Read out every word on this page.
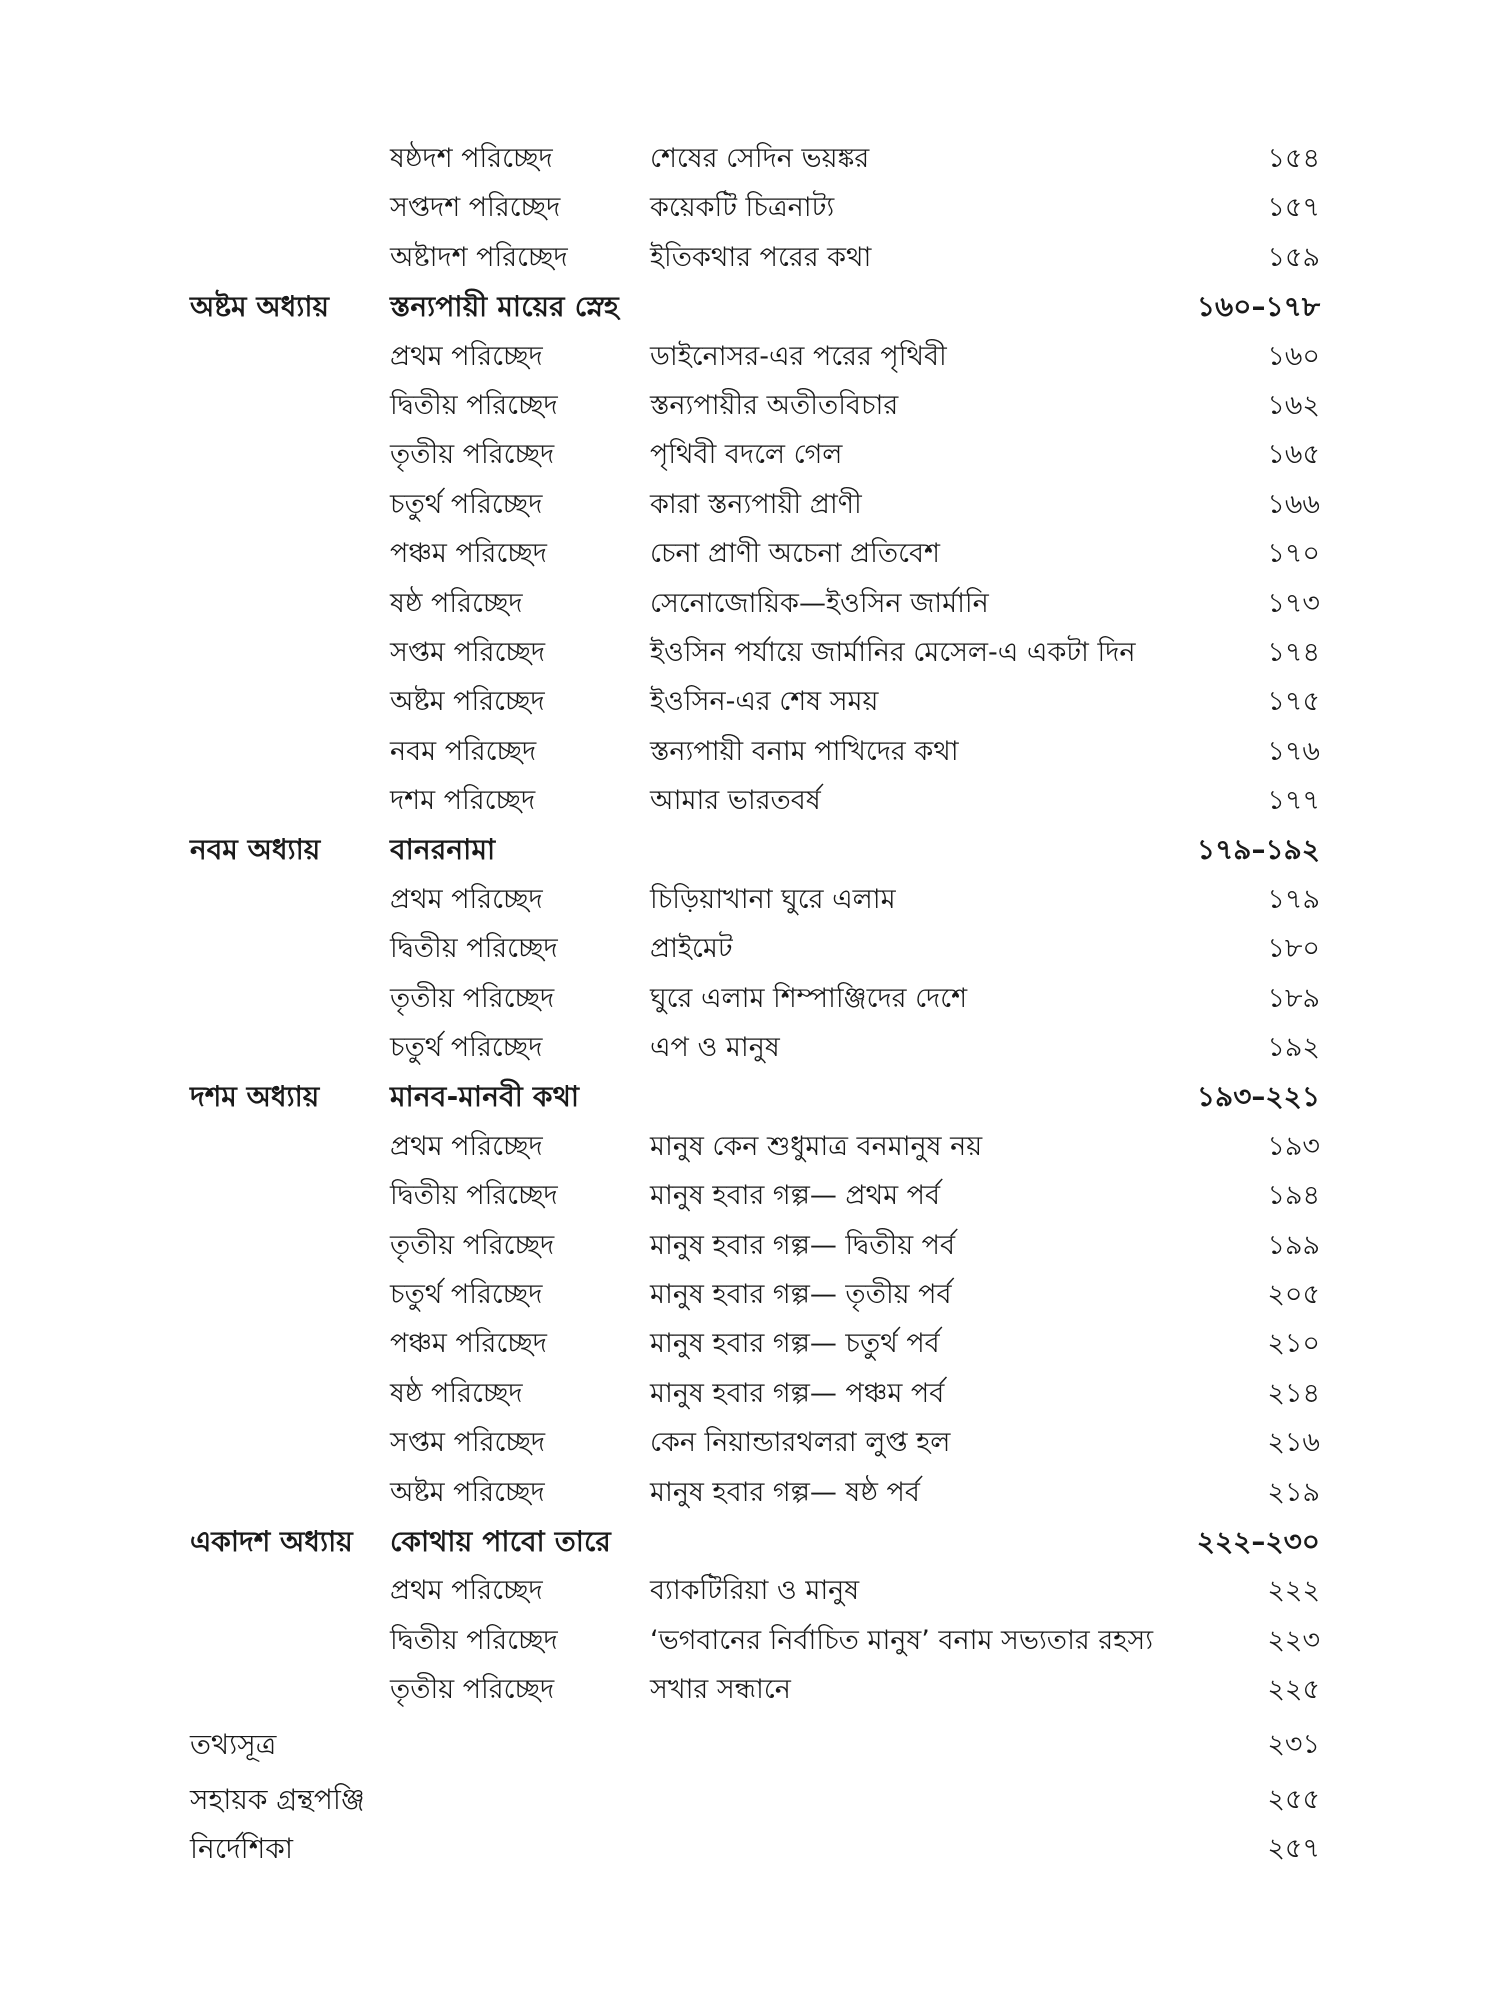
ষষ্ঠদশ পরিচ্ছেদ	শেষের সেদিন ভয়ঙ্কর	১৫৪
সপ্তদশ পরিচ্ছেদ	কয়েকটি চিত্রনাট্য	১৫৭
অষ্টাদশ পরিচ্ছেদ	ইতিকথার পরের কথা	১৫৯
অষ্টম অধ্যায় স্তন্যপায়ী মায়ের স্নেহ	১৬০–১৭৮
প্রথম পরিচ্ছেদ	ডাইনোসর-এর পরের পৃথিবী	১৬০
দ্বিতীয় পরিচ্ছেদ	স্তন্যপায়ীর অতীতবিচার	১৬২
তৃতীয় পরিচ্ছেদ	পৃথিবী বদলে গেল	১৬৫
চতুর্থ পরিচ্ছেদ	কারা স্তন্যপায়ী প্রাণী	১৬৬
পঞ্চম পরিচ্ছেদ	চেনা প্রাণী অচেনা প্রতিবেশ	১৭০
ষষ্ঠ পরিচ্ছেদ	সেনোজোয়িক—ইওসিন জার্মানি	১৭৩
সপ্তম পরিচ্ছেদ	ইওসিন পর্যায়ে জার্মানির মেসেল-এ একটা দিন	১৭৪
অষ্টম পরিচ্ছেদ	ইওসিন-এর শেষ সময়	১৭৫
নবম পরিচ্ছেদ	স্তন্যপায়ী বনাম পাখিদের কথা	১৭৬
দশম পরিচ্ছেদ	আমার ভারতবর্ষ	১৭৭
নবম অধ্যায় বানরনামা	১৭৯–১৯২
প্রথম পরিচ্ছেদ	চিড়িয়াখানা ঘুরে এলাম	১৭৯
দ্বিতীয় পরিচ্ছেদ	প্রাইমেট	১৮০
তৃতীয় পরিচ্ছেদ	ঘুরে এলাম শিম্পাঞ্জিদের দেশে	১৮৯
চতুর্থ পরিচ্ছেদ	এপ ও মানুষ	১৯২
দশম অধ্যায়	মানব-মানবী কথা	১৯৩–২২১
প্রথম পরিচ্ছেদ	মানুষ কেন শুধুমাত্র বনমানুষ নয়	১৯৩
দ্বিতীয় পরিচ্ছেদ	মানুষ হবার গল্প— প্রথম পর্ব	১৯৪
তৃতীয় পরিচ্ছেদ	মানুষ হবার গল্প— দ্বিতীয় পর্ব	১৯৯
চতুর্থ পরিচ্ছেদ	মানুষ হবার গল্প— তৃতীয় পর্ব	২০৫
পঞ্চম পরিচ্ছেদ	মানুষ হবার গল্প— চতুর্থ পর্ব	২১০
ষষ্ঠ পরিচ্ছেদ	মানুষ হবার গল্প— পঞ্চম পর্ব	২১৪
সপ্তম পরিচ্ছেদ	কেন নিয়ান্ডারথলরা লুপ্ত হল	২১৬
অষ্টম পরিচ্ছেদ	মানুষ হবার গল্প— ষষ্ঠ পর্ব	২১৯
একাদশ অধ্যায় কোথায় পাবো তারে	২২২–২৩০
প্রথম পরিচ্ছেদ	ব্যাকটিরিয়া ও মানুষ	২২২
দ্বিতীয় পরিচ্ছেদ	‘ভগবানের নির্বাচিত মানুষ’ বনাম সভ্যতার রহস্য	২২৩
তৃতীয় পরিচ্ছেদ	সখার সন্ধানে	২২৫
তথ্যসূত্র	২৩১
সহায়ক গ্রন্থপঞ্জি	২৫৫
নির্দেশিকা	২৫৭
